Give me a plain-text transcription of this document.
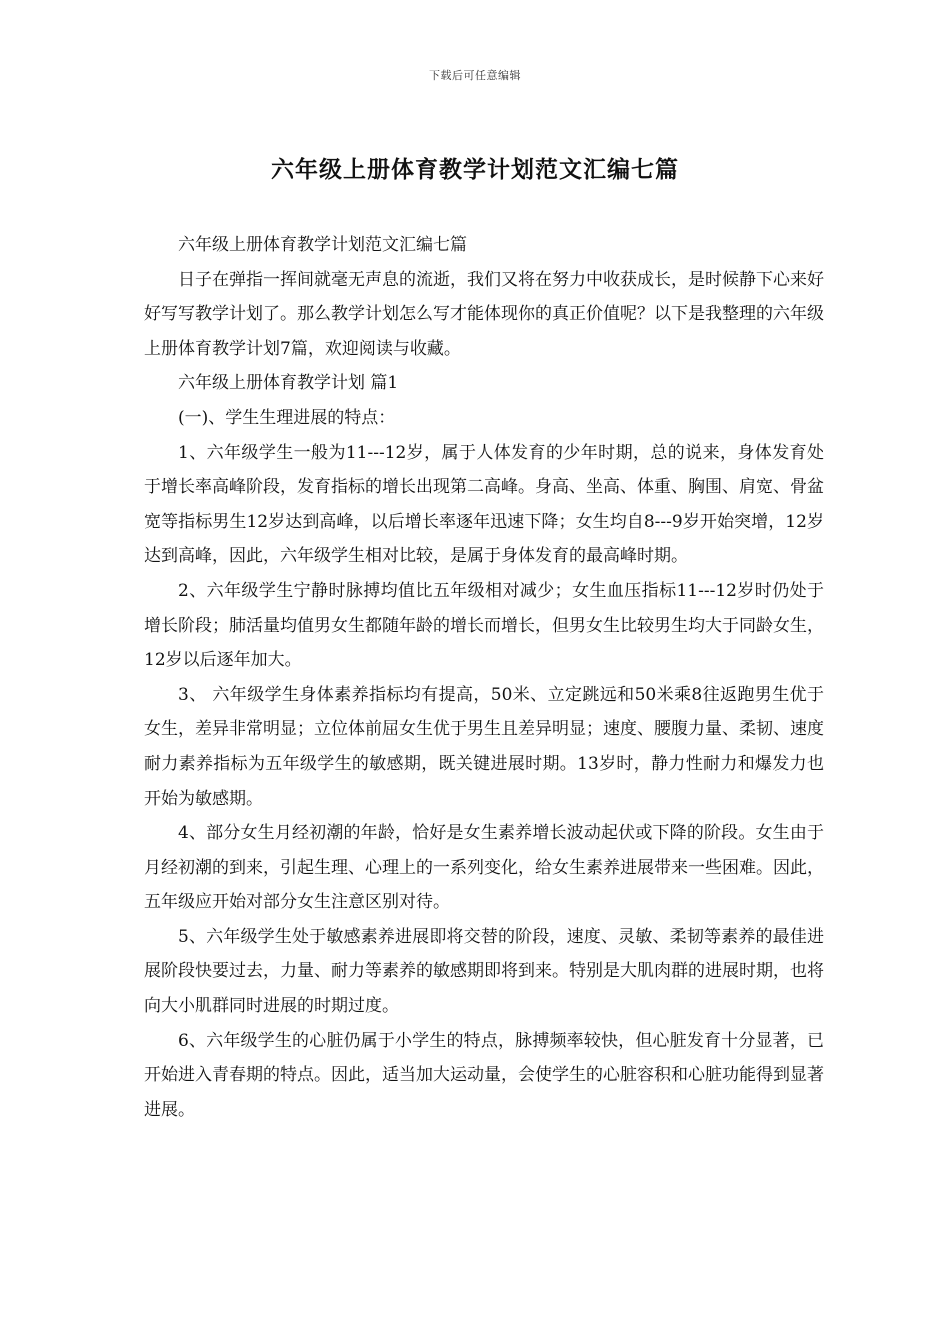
下载后可任意编辑
六年级上册体育教学计划范文汇编七篇

六年级上册体育教学计划范文汇编七篇

日子在弹指一挥间就毫无声息的流逝，我们又将在努力中收获成长，是时候静下心来好好写写教学计划了。那么教学计划怎么写才能体现你的真正价值呢？以下是我整理的六年级上册体育教学计划7篇，欢迎阅读与收藏。

六年级上册体育教学计划 篇1

(一)、学生生理进展的特点：

1、六年级学生一般为11---12岁，属于人体发育的少年时期，总的说来，身体发育处于增长率高峰阶段，发育指标的增长出现第二高峰。身高、坐高、体重、胸围、肩宽、骨盆宽等指标男生12岁达到高峰，以后增长率逐年迅速下降；女生均自8---9岁开始突增，12岁达到高峰，因此，六年级学生相对比较，是属于身体发育的最高峰时期。

2、六年级学生宁静时脉搏均值比五年级相对减少；女生血压指标11---12岁时仍处于增长阶段；肺活量均值男女生都随年龄的增长而增长，但男女生比较男生均大于同龄女生，12岁以后逐年加大。

3、 六年级学生身体素养指标均有提高，50米、立定跳远和50米乘8往返跑男生优于女生，差异非常明显；立位体前屈女生优于男生且差异明显；速度、腰腹力量、柔韧、速度耐力素养指标为五年级学生的敏感期，既关键进展时期。13岁时，静力性耐力和爆发力也开始为敏感期。

4、部分女生月经初潮的年龄，恰好是女生素养增长波动起伏或下降的阶段。女生由于月经初潮的到来，引起生理、心理上的一系列变化，给女生素养进展带来一些困难。因此，五年级应开始对部分女生注意区别对待。

5、六年级学生处于敏感素养进展即将交替的阶段，速度、灵敏、柔韧等素养的最佳进展阶段快要过去，力量、耐力等素养的敏感期即将到来。特别是大肌肉群的进展时期，也将向大小肌群同时进展的时期过度。

6、六年级学生的心脏仍属于小学生的特点，脉搏频率较快，但心脏发育十分显著，已开始进入青春期的特点。因此，适当加大运动量，会使学生的心脏容积和心脏功能得到显著进展。
